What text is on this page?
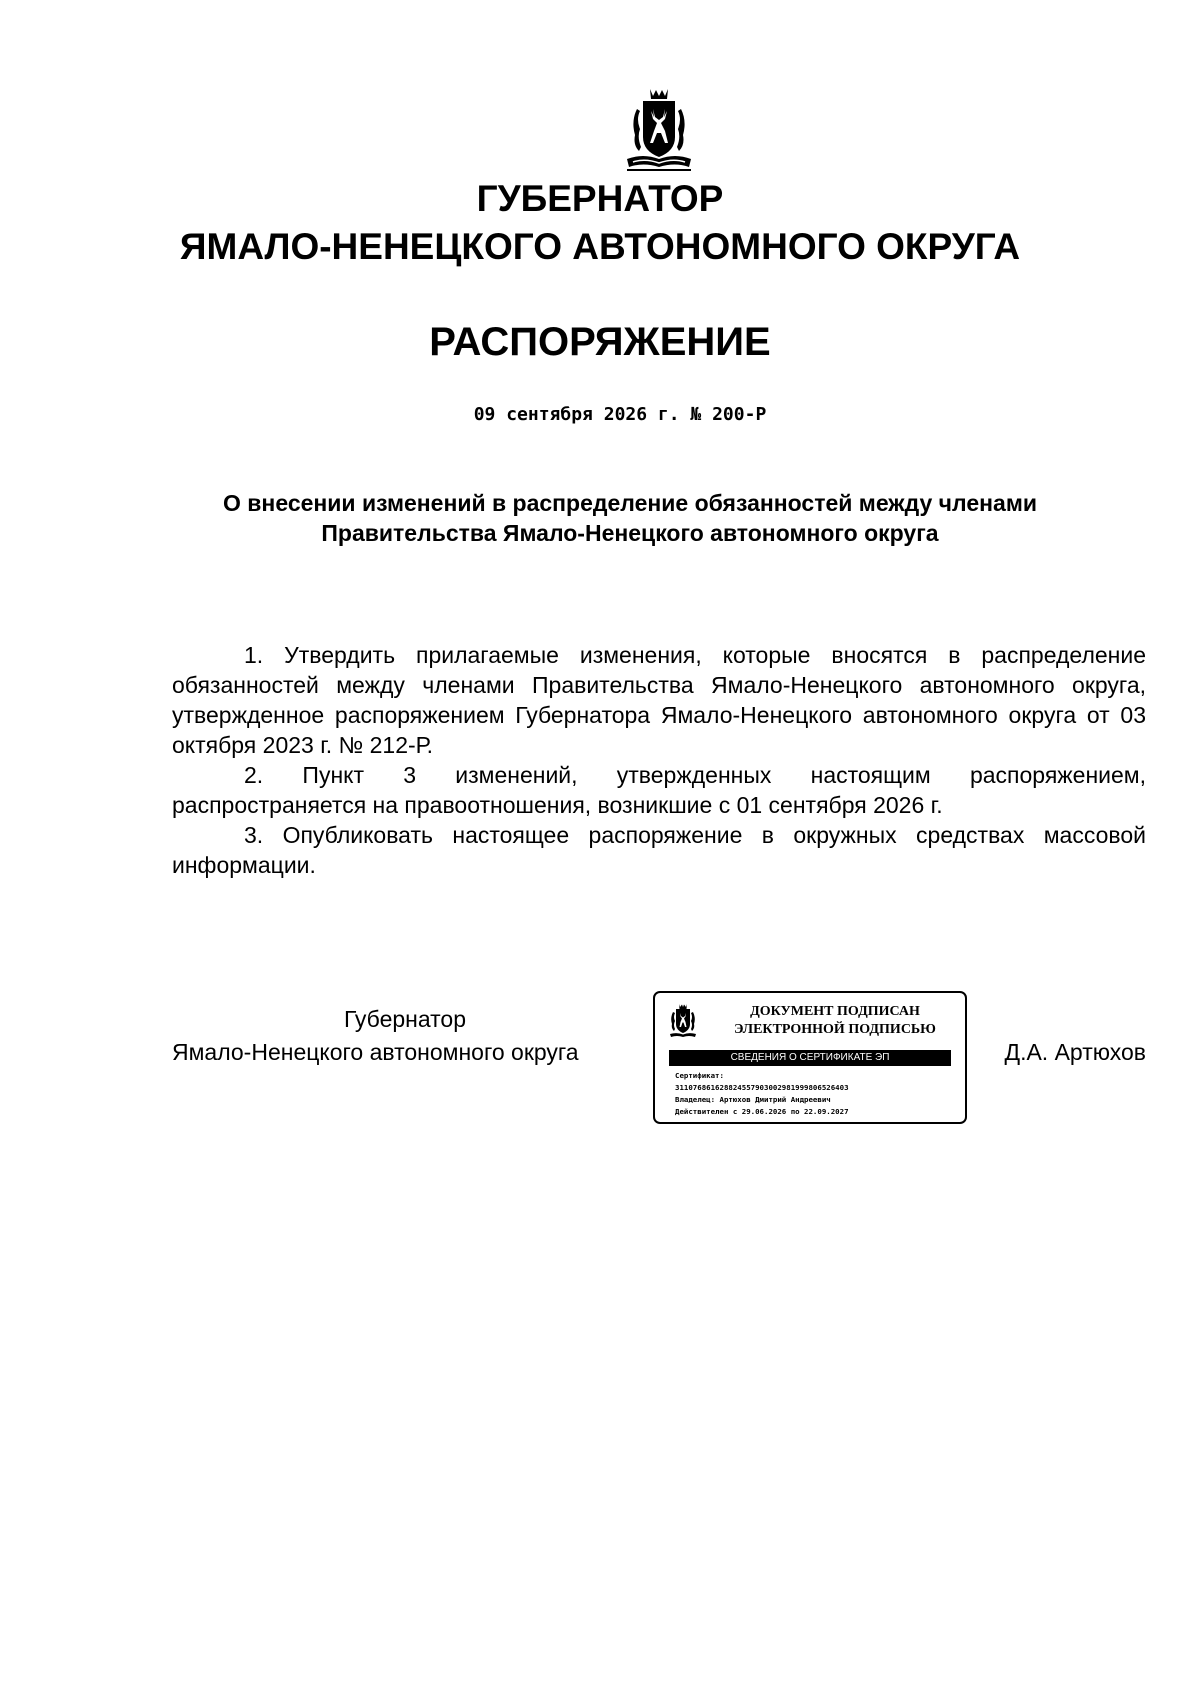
ГУБЕРНАТОР
ЯМАЛО-НЕНЕЦКОГО АВТОНОМНОГО ОКРУГА
РАСПОРЯЖЕНИЕ
09 сентября 2026 г. № 200-Р
О внесении изменений в распределение обязанностей между членами Правительства Ямало-Ненецкого автономного округа

1. Утвердить прилагаемые изменения, которые вносятся в распределение обязанностей между членами Правительства Ямало-Ненецкого автономного округа, утвержденное распоряжением Губернатора Ямало-Ненецкого автономного округа от 03 октября 2023 г. № 212-Р.

2. Пункт 3 изменений, утвержденных настоящим распоряжением, распространяется на правоотношения, возникшие с 01 сентября 2026 г.

3. Опубликовать настоящее распоряжение в окружных средствах массовой информации.

Губернатор
Ямало-Ненецкого автономного округа
ДОКУМЕНТ ПОДПИСАН
ЭЛЕКТРОННОЙ ПОДПИСЬЮ
СВЕДЕНИЯ О СЕРТИФИКАТЕ ЭП
Сертификат:
311076861628824557903002981999806526403
Владелец: Артюхов Дмитрий Андреевич
Действителен с 29.06.2026 по 22.09.2027
Д.А. Артюхов
